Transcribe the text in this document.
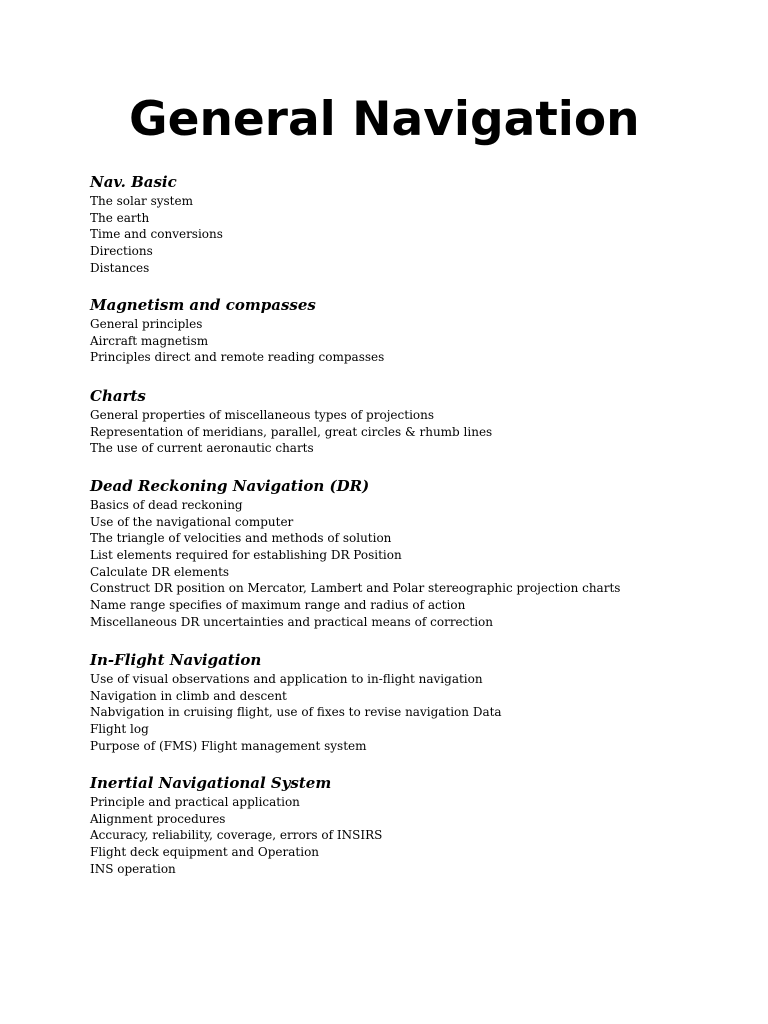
General Navigation
Nav. Basic
The solar system
The earth
Time and conversions
Directions
Distances
Magnetism and compasses
General principles
Aircraft magnetism
Principles direct and remote reading compasses
Charts
General properties of miscellaneous types of projections
Representation of meridians, parallel, great circles & rhumb lines
The use of current aeronautic charts
Dead Reckoning Navigation (DR)
Basics of dead reckoning
Use of the navigational computer
The triangle of velocities and methods of solution
List elements required for establishing DR Position
Calculate DR elements
Construct DR position on Mercator, Lambert and Polar stereographic projection charts
Name range specifies of maximum range and radius of action
Miscellaneous DR uncertainties and practical means of correction
In-Flight Navigation
Use of visual observations and application to in-flight navigation
Navigation in climb and descent
Nabvigation in cruising flight, use of fixes to revise navigation Data
Flight log
Purpose of (FMS) Flight management system
Inertial Navigational System
Principle and practical application
Alignment procedures
Accuracy, reliability, coverage, errors of INSIRS
Flight deck equipment and Operation
INS operation
